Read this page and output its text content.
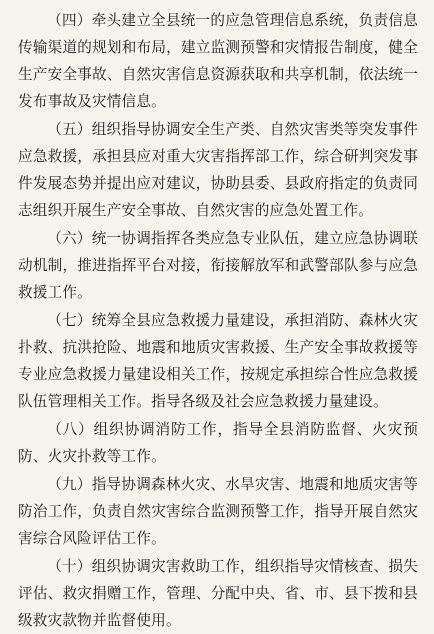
（四）牵头建立全县统一的应急管理信息系统，负责信息传输渠道的规划和布局，建立监测预警和灾情报告制度，健全生产安全事故、自然灾害信息资源获取和共享机制，依法统一发布事故及灾情信息。

（五）组织指导协调安全生产类、自然灾害类等突发事件应急救援，承担县应对重大灾害指挥部工作，综合研判突发事件发展态势并提出应对建议，协助县委、县政府指定的负责同志组织开展生产安全事故、自然灾害的应急处置工作。

（六）统一协调指挥各类应急专业队伍，建立应急协调联动机制，推进指挥平台对接，衔接解放军和武警部队参与应急救援工作。

（七）统筹全县应急救援力量建设，承担消防、森林火灾扑救、抗洪抢险、地震和地质灾害救援、生产安全事故救援等专业应急救援力量建设相关工作，按规定承担综合性应急救援队伍管理相关工作。指导各级及社会应急救援力量建设。

（八）组织协调消防工作，指导全县消防监督、火灾预防、火灾扑救等工作。

（九）指导协调森林火灾、水旱灾害、地震和地质灾害等防治工作，负责自然灾害综合监测预警工作，指导开展自然灾害综合风险评估工作。

（十）组织协调灾害救助工作，组织指导灾情核查、损失评估、救灾捐赠工作，管理、分配中央、省、市、县下拨和县级救灾款物并监督使用。
